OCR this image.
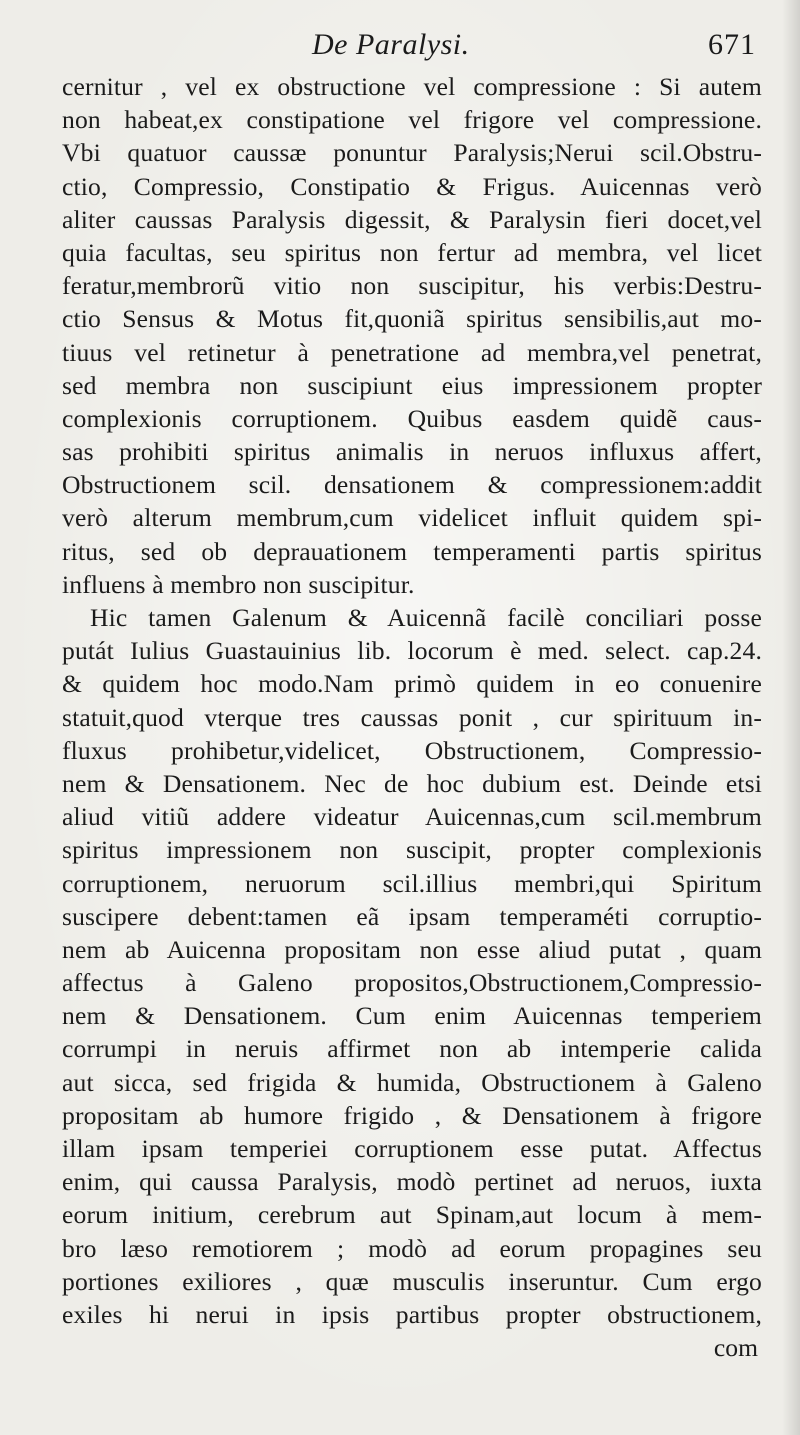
De Paralysi.	671
cernitur , vel ex obstructione vel compressione : Si autem
non habeat,ex constipatione vel frigore vel compressione.
Vbi quatuor caussæ ponuntur Paralysis;Nerui scil.Obstru-
ctio, Compressio, Constipatio & Frigus. Auicennas verò
aliter caussas Paralysis digessit, & Paralysin fieri docet,vel
quia facultas, seu spiritus non fertur ad membra, vel licet
feratur,membrorũ vitio non suscipitur, his verbis:Destru-
ctio Sensus & Motus fit,quoniã spiritus sensibilis,aut mo-
tiuus vel retinetur à penetratione ad membra,vel penetrat,
sed membra non suscipiunt eius impressionem propter
complexionis corruptionem. Quibus easdem quidẽ caus-
sas prohibiti spiritus animalis in neruos influxus affert,
Obstructionem scil. densationem & compressionem:addit
verò alterum membrum,cum videlicet influit quidem spi-
ritus, sed ob deprauationem temperamenti partis spiritus
influens à membro non suscipitur.
Hic tamen Galenum & Auicennã facilè conciliari posse
putát Iulius Guastauinius lib. locorum è med. select. cap.24.
& quidem hoc modo.Nam primò quidem in eo conuenire
statuit,quod vterque tres caussas ponit , cur spirituum in-
fluxus prohibetur,videlicet, Obstructionem, Compressio-
nem & Densationem. Nec de hoc dubium est. Deinde etsi
aliud vitiũ addere videatur Auicennas,cum scil.membrum
spiritus impressionem non suscipit, propter complexionis
corruptionem, neruorum scil.illius membri,qui Spiritum
suscipere debent:tamen eã ipsam temperaméti corruptio-
nem ab Auicenna propositam non esse aliud putat , quam
affectus à Galeno propositos,Obstructionem,Compressio-
nem & Densationem. Cum enim Auicennas temperiem
corrumpi in neruis affirmet non ab intemperie calida
aut sicca, sed frigida & humida, Obstructionem à Galeno
propositam ab humore frigido , & Densationem à frigore
illam ipsam temperiei corruptionem esse putat. Affectus
enim, qui caussa Paralysis, modò pertinet ad neruos, iuxta
eorum initium, cerebrum aut Spinam,aut locum à mem-
bro læso remotiorem ; modò ad eorum propagines seu
portiones exiliores , quæ musculis inseruntur. Cum ergo
exiles hi nerui in ipsis partibus propter obstructionem,
com
